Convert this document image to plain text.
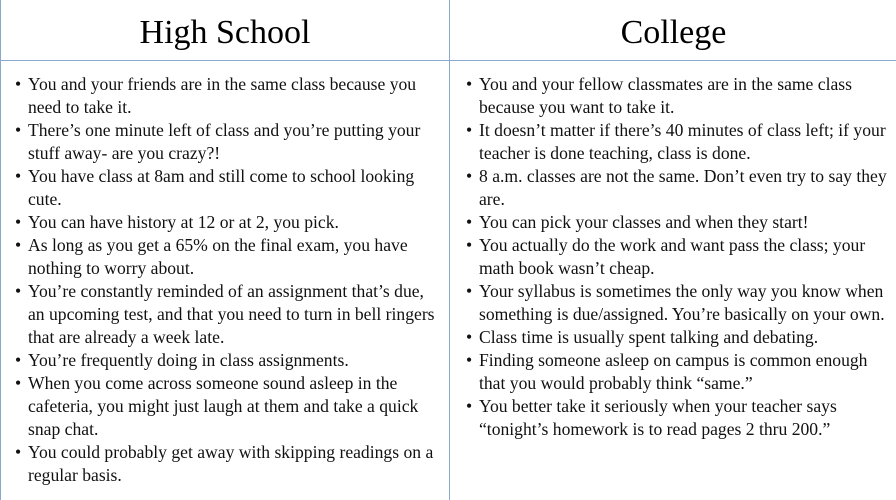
High School	College
• You and your friends are in the same class because you need to take it.
• There’s one minute left of class and you’re putting your stuff away- are you crazy?!
• You have class at 8am and still come to school looking cute.
• You can have history at 12 or at 2, you pick.
• As long as you get a 65% on the final exam, you have nothing to worry about.
• You’re constantly reminded of an assignment that’s due, an upcoming test, and that you need to turn in bell ringers that are already a week late.
• You’re frequently doing in class assignments.
• When you come across someone sound asleep in the cafeteria, you might just laugh at them and take a quick snap chat.
• You could probably get away with skipping readings on a regular basis.
• You and your fellow classmates are in the same class because you want to take it.
• It doesn’t matter if there’s 40 minutes of class left; if your teacher is done teaching, class is done.
• 8 a.m. classes are not the same. Don’t even try to say they are.
• You can pick your classes and when they start!
• You actually do the work and want pass the class; your math book wasn’t cheap.
• Your syllabus is sometimes the only way you know when something is due/assigned. You’re basically on your own.
• Class time is usually spent talking and debating.
• Finding someone asleep on campus is common enough that you would probably think “same.”
• You better take it seriously when your teacher says “tonight’s homework is to read pages 2 thru 200.”
